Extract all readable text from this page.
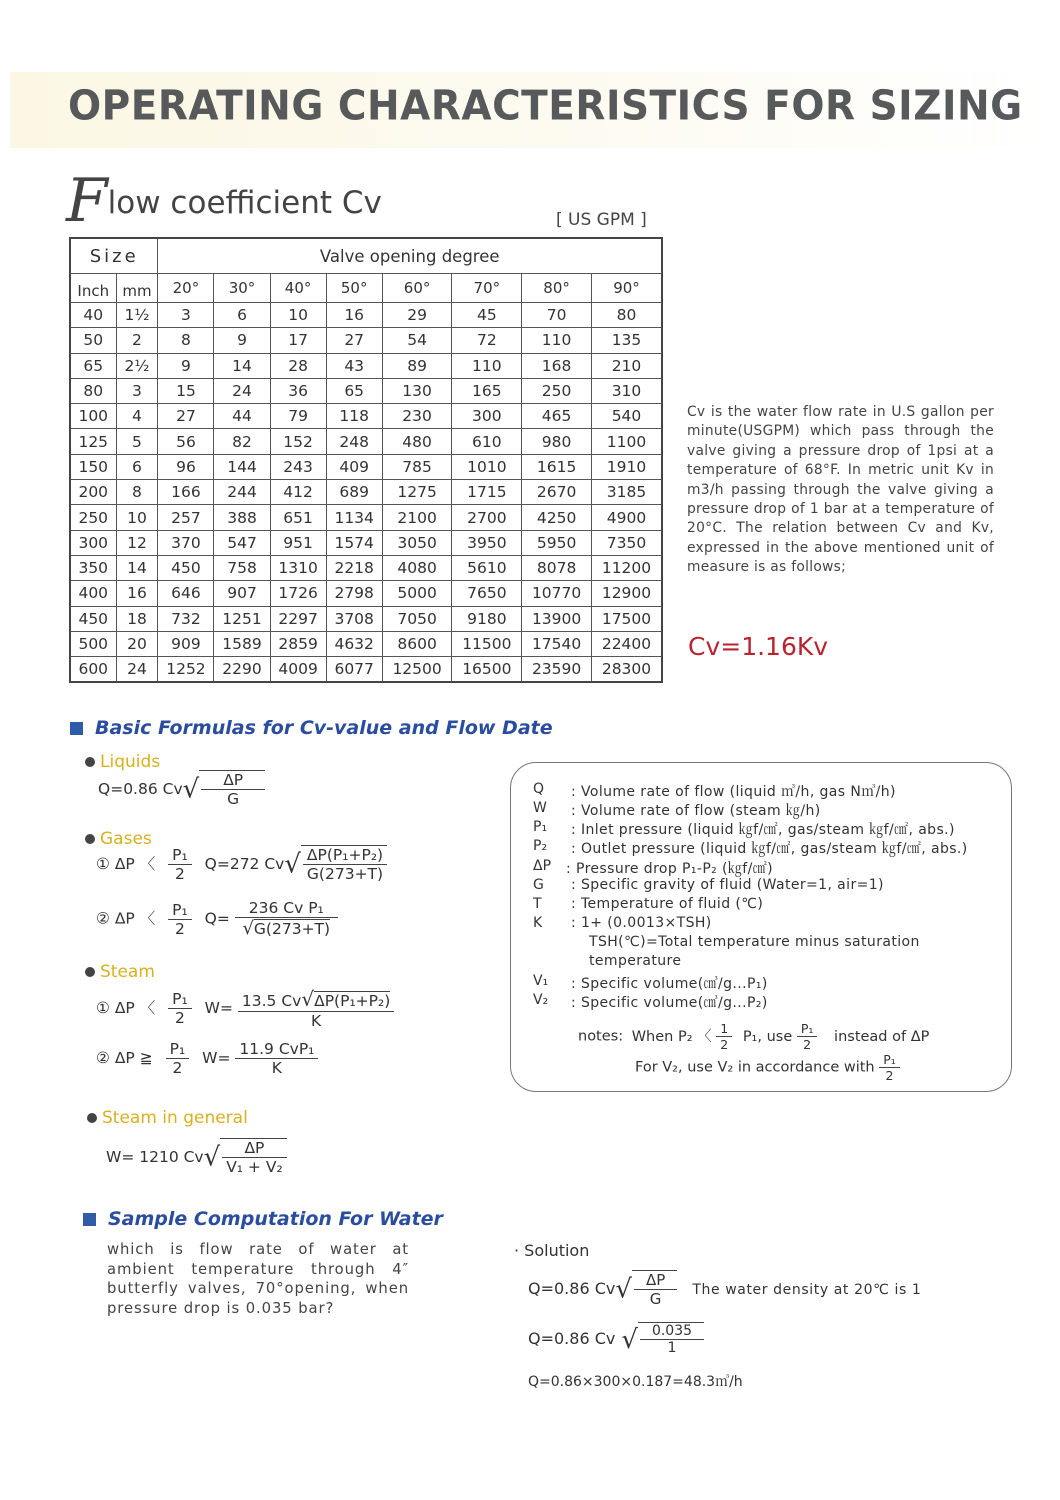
OPERATING CHARACTERISTICS FOR SIZING
Flow coefficient Cv	[ US GPM ]
Size		Valve opening degree							
Inch	mm	20°	30°	40°	50°	60°	70°	80°	90°
40	1½	3	6	10	16	29	45	70	80
50	2	8	9	17	27	54	72	110	135
65	2½	9	14	28	43	89	110	168	210
80	3	15	24	36	65	130	165	250	310
100	4	27	44	79	118	230	300	465	540
125	5	56	82	152	248	480	610	980	1100
150	6	96	144	243	409	785	1010	1615	1910
200	8	166	244	412	689	1275	1715	2670	3185
250	10	257	388	651	1134	2100	2700	4250	4900
300	12	370	547	951	1574	3050	3950	5950	7350
350	14	450	758	1310	2218	4080	5610	8078	11200
400	16	646	907	1726	2798	5000	7650	10770	12900
450	18	732	1251	2297	3708	7050	9180	13900	17500
500	20	909	1589	2859	4632	8600	11500	17540	22400
600	24	1252	2290	4009	6077	12500	16500	23590	28300
Cv is the water flow rate in U.S gallon per minute(USGPM) which pass through the valve giving a pressure drop of 1psi at a temperature of 68°F. In metric unit Kv in m3/h passing through the valve giving a pressure drop of 1 bar at a temperature of 20°C. The relation between Cv and Kv, expressed in the above mentioned unit of measure is as follows;
Cv=1.16Kv
Basic Formulas for Cv-value and Flow Date
Liquids
Q=0.86 $Cv√ \frac{\Delta P}{G}$
Gases
① ΔP 〈 $\frac{\text{P₁}}{2} Q=272$ $Cv√ \frac{\text{ΔP(P₁+P₂)}}{G(273+T)}$
② ΔP 〈 $\frac{\text{P₁}}{2} Q= \frac{\text{236 Cv P₁}}{√G(273+T)}$
Steam
① ΔP 〈 $\frac{\text{P₁}}{2} W= \frac{\text{13.5 Cv√ΔP(P₁+P₂)}}{K}$
② ΔP ≧ $\frac{\text{P₁}}{2} W= \frac{\text{11.9 CvP₁}}{K}$
Steam in general
W= 1210 $Cv√ \frac{\Delta P}{\text{V₁ + V₂}}$
Q : Volume rate of flow (liquid ㎥/h, gas N㎥/h)
W : Volume rate of flow (steam ㎏/h)
P₁ : Inlet pressure (liquid ㎏f/㎠, gas/steam ㎏f/㎠, abs.)
P₂ : Outlet pressure (liquid ㎏f/㎠, gas/steam ㎏f/㎠, abs.)
ΔP : Pressure drop P₁-P₂ (㎏f/㎠)
G : Specific gravity of fluid (Water=1, air=1)
T : Temperature of fluid (℃)
K : 1+ (0.0013×TSH)
TSH(℃)=Total temperature minus saturation
temperature
V₁ : Specific volume(㎤/g...P₁)
V₂ : Specific volume(㎤/g...P₂)
notes: When P₂ 〈 $\frac{1}{2} P_1$, use $\frac{\text{P₁}}{2}$ instead of ΔP
For V₂, use V₂ in accordance with $\frac{\text{P₁}}{2}$
Sample Computation For Water
which is flow rate of water at ambient temperature through 4″ butterfly valves, 70°opening, when pressure drop is 0.035 bar?
· Solution
Q=0.86 $Cv√ \frac{\Delta P}{G}$ The water density at 20℃ is 1
Q=0.86 Cv √ $\frac{0.035}{1}$
Q=0.86×300×0.187=48.3㎥/h
